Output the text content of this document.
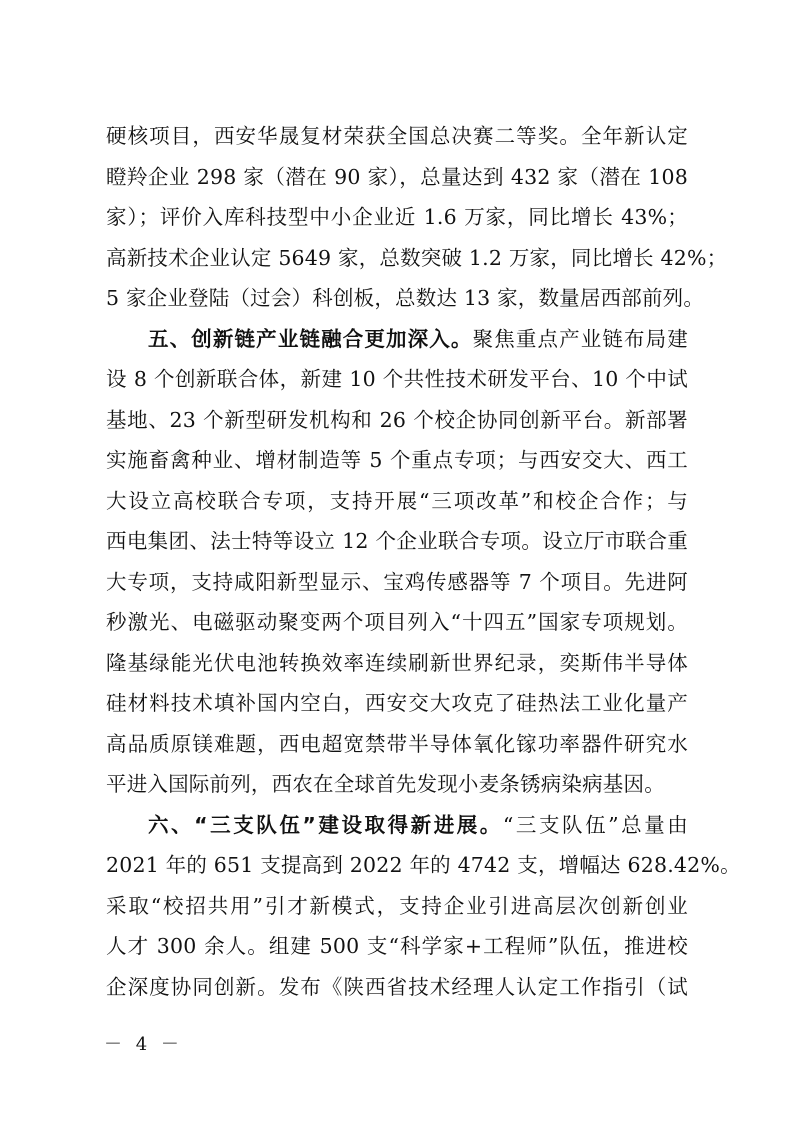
硬核项目，西安华晟复材荣获全国总决赛二等奖。全年新认定
瞪羚企业 298 家（潜在 90 家），总量达到 432 家（潜在 108
家）；评价入库科技型中小企业近 1.6 万家，同比增长 43%；
高新技术企业认定 5649 家，总数突破 1.2 万家，同比增长 42%；
5 家企业登陆（过会）科创板，总数达 13 家，数量居西部前列。
五、创新链产业链融合更加深入。聚焦重点产业链布局建
设 8 个创新联合体，新建 10 个共性技术研发平台、10 个中试
基地、23 个新型研发机构和 26 个校企协同创新平台。新部署
实施畜禽种业、增材制造等 5 个重点专项；与西安交大、西工
大设立高校联合专项，支持开展“三项改革”和校企合作；与
西电集团、法士特等设立 12 个企业联合专项。设立厅市联合重
大专项，支持咸阳新型显示、宝鸡传感器等 7 个项目。先进阿
秒激光、电磁驱动聚变两个项目列入“十四五”国家专项规划。
隆基绿能光伏电池转换效率连续刷新世界纪录，奕斯伟半导体
硅材料技术填补国内空白，西安交大攻克了硅热法工业化量产
高品质原镁难题，西电超宽禁带半导体氧化镓功率器件研究水
平进入国际前列，西农在全球首先发现小麦条锈病染病基因。
六、“三支队伍”建设取得新进展。“三支队伍”总量由
2021 年的 651 支提高到 2022 年的 4742 支，增幅达 628.42%。
采取“校招共用”引才新模式，支持企业引进高层次创新创业
人才 300 余人。组建 500 支“科学家+工程师”队伍，推进校
企深度协同创新。发布《陕西省技术经理人认定工作指引（试
－ 4 －
